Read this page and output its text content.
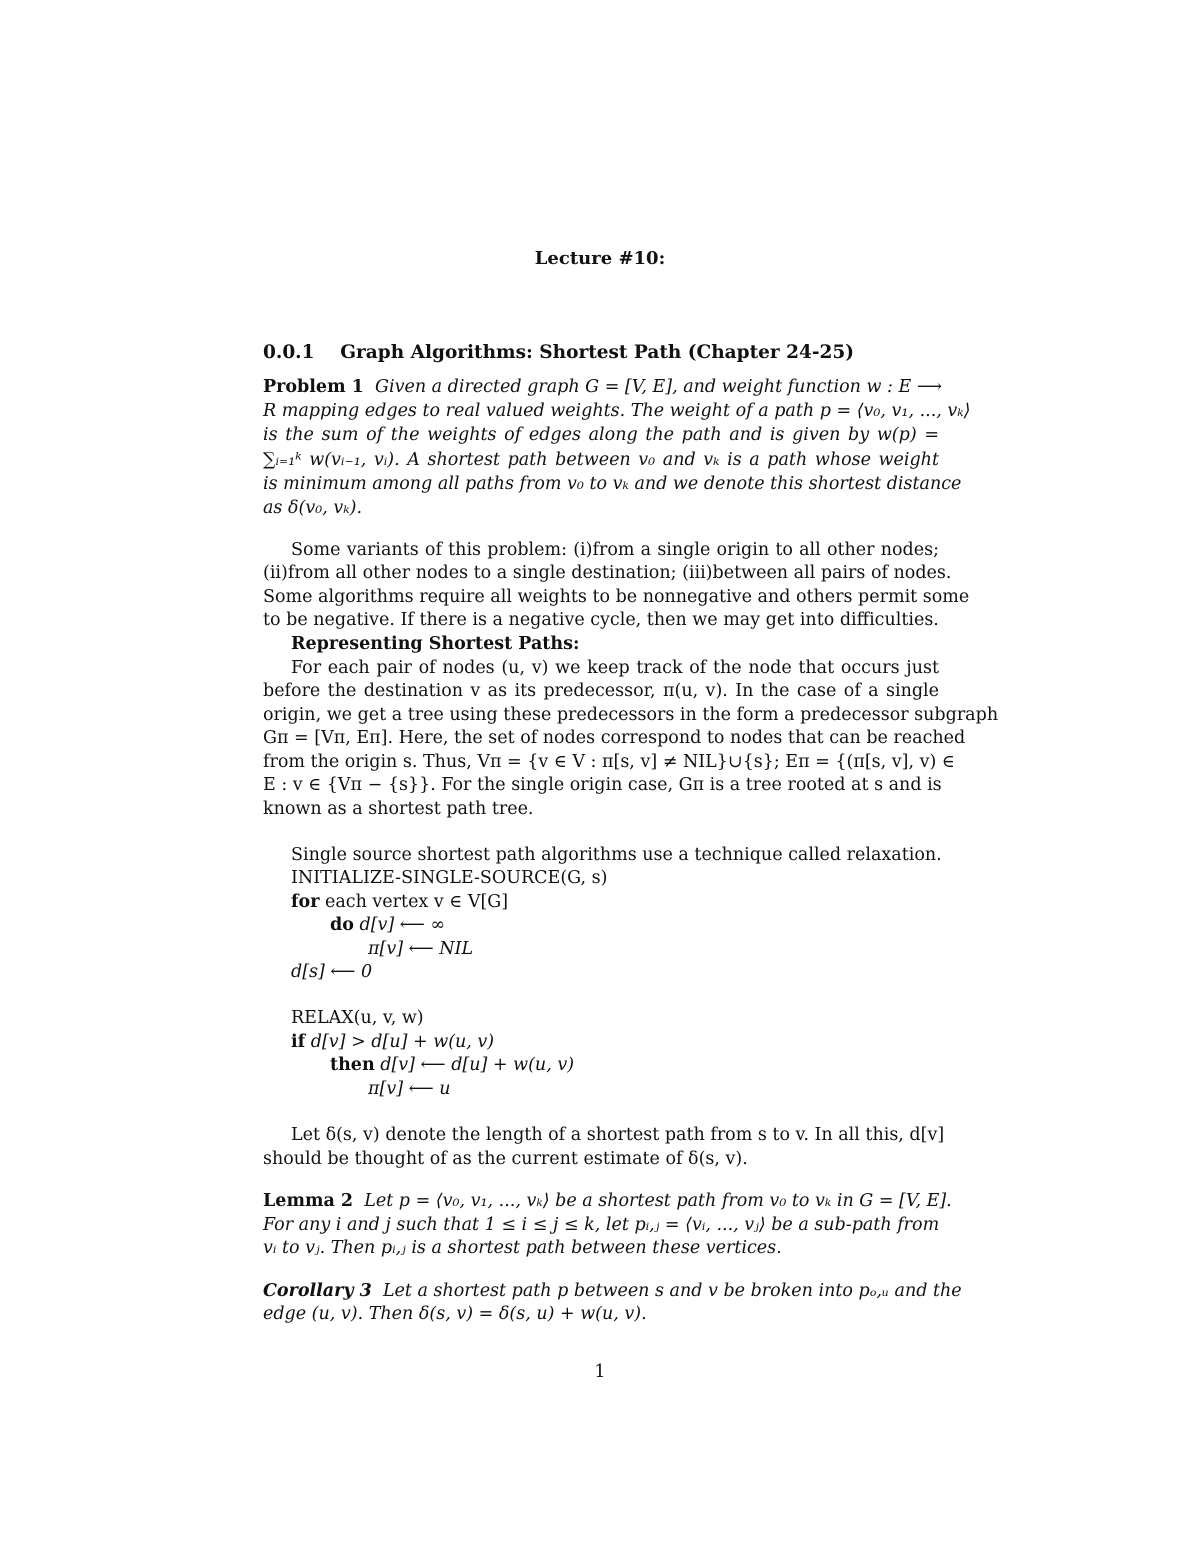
Lecture #10:
0.0.1    Graph Algorithms: Shortest Path (Chapter 24-25)
Problem 1 Given a directed graph G = [V, E], and weight function w : E ⟶
R mapping edges to real valued weights. The weight of a path p = ⟨v₀, v₁, ..., vₖ⟩
is the sum of the weights of edges along the path and is given by w(p) =
∑ᵢ₌₁ᵏ w(vᵢ₋₁, vᵢ). A shortest path between v₀ and vₖ is a path whose weight
is minimum among all paths from v₀ to vₖ and we denote this shortest distance
as δ(v₀, vₖ).
Some variants of this problem: (i)from a single origin to all other nodes;
(ii)from all other nodes to a single destination; (iii)between all pairs of nodes.
Some algorithms require all weights to be nonnegative and others permit some
to be negative. If there is a negative cycle, then we may get into difficulties.
Representing Shortest Paths:
For each pair of nodes (u, v) we keep track of the node that occurs just
before the destination v as its predecessor, π(u, v). In the case of a single
origin, we get a tree using these predecessors in the form a predecessor subgraph
Gπ = [Vπ, Eπ]. Here, the set of nodes correspond to nodes that can be reached
from the origin s. Thus, Vπ = {v ∈ V : π[s, v] ≠ NIL}∪{s}; Eπ = {(π[s, v], v) ∈
E : v ∈ {Vπ − {s}}. For the single origin case, Gπ is a tree rooted at s and is
known as a shortest path tree.
Single source shortest path algorithms use a technique called relaxation.
INITIALIZE-SINGLE-SOURCE(G, s)
for each vertex v ∈ V[G]
do d[v] ⟵ ∞
π[v] ⟵ NIL
d[s] ⟵ 0
RELAX(u, v, w)
if d[v] > d[u] + w(u, v)
then d[v] ⟵ d[u] + w(u, v)
π[v] ⟵ u
Let δ(s, v) denote the length of a shortest path from s to v. In all this, d[v]
should be thought of as the current estimate of δ(s, v).
Lemma 2 Let p = ⟨v₀, v₁, ..., vₖ⟩ be a shortest path from v₀ to vₖ in G = [V, E].
For any i and j such that 1 ≤ i ≤ j ≤ k, let pᵢ,ⱼ = ⟨vᵢ, ..., vⱼ⟩ be a sub-path from
vᵢ to vⱼ. Then pᵢ,ⱼ is a shortest path between these vertices.
Corollary 3 Let a shortest path p between s and v be broken into pₒ,ᵤ and the
edge (u, v). Then δ(s, v) = δ(s, u) + w(u, v).
1
